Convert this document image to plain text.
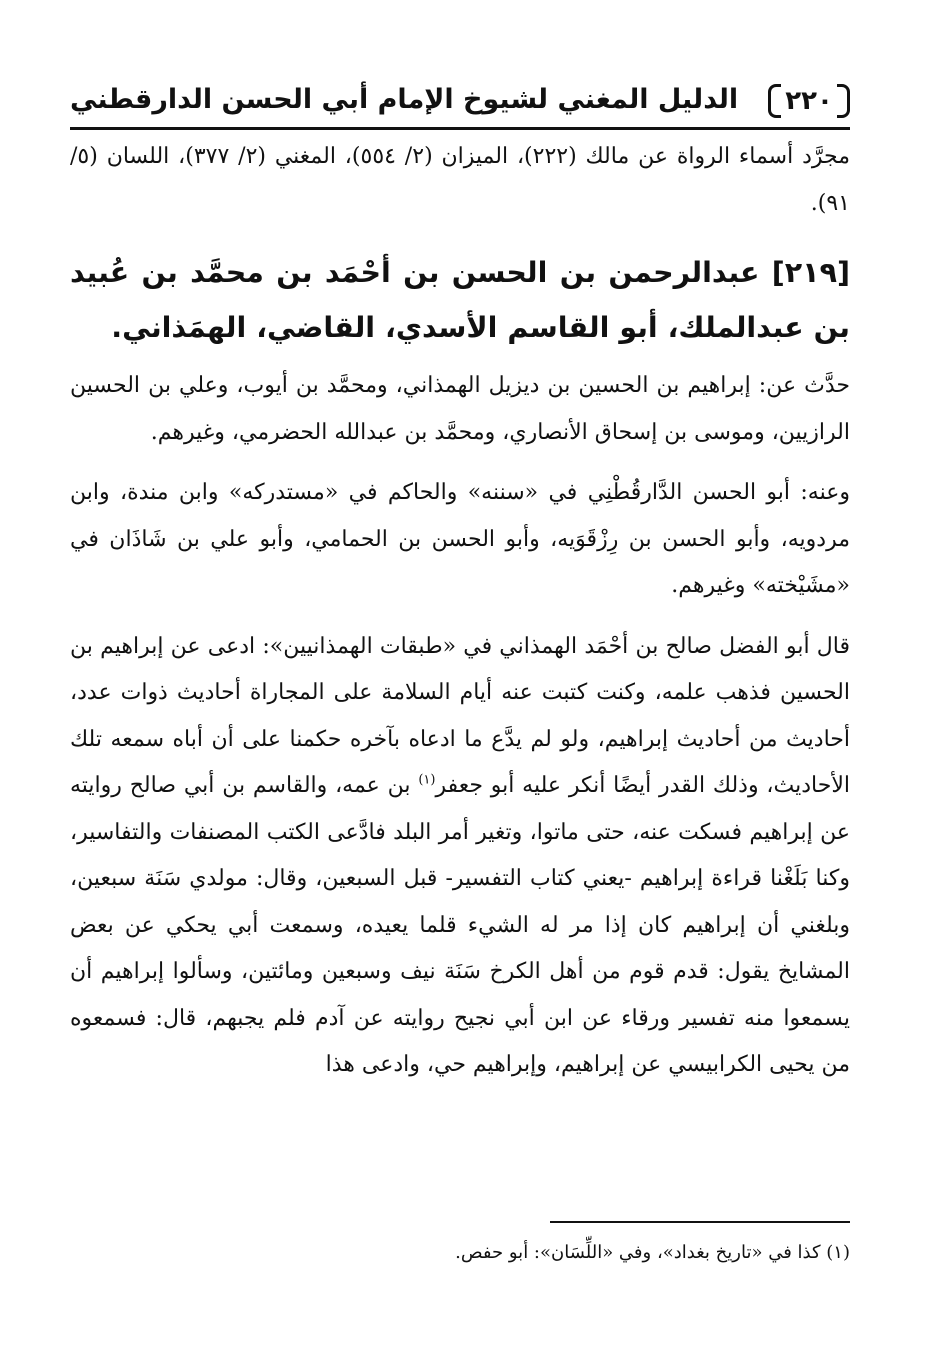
٢٢٠
الدليل المغني لشيوخ الإمام أبي الحسن الدارقطني

مجرَّد أسماء الرواة عن مالك (٢٢٢)، الميزان (٢/ ٥٥٤)، المغني (٢/ ٣٧٧)، اللسان (٥/ ٩١).

[٢١٩] عبدالرحمن بن الحسن بن أحْمَد بن محمَّد بن عُبيد بن عبدالملك، أبو القاسم الأسدي، القاضي، الهمَذاني.

حدَّث عن: إبراهيم بن الحسين بن ديزيل الهمذاني، ومحمَّد بن أيوب، وعلي بن الحسين الرازيين، وموسى بن إسحاق الأنصاري، ومحمَّد بن عبدالله الحضرمي، وغيرهم.

وعنه: أبو الحسن الدَّارقُطْنِي في «سننه» والحاكم في «مستدركه» وابن مندة، وابن مردويه، وأبو الحسن بن رِزْقَوَيه، وأبو الحسن بن الحمامي، وأبو علي بن شَاذَان في «مشَيْخته» وغيرهم.

قال أبو الفضل صالح بن أحْمَد الهمذاني في «طبقات الهمذانيين»: ادعى عن إبراهيم بن الحسين فذهب علمه، وكنت كتبت عنه أيام السلامة على المجاراة أحاديث ذوات عدد، أحاديث من أحاديث إبراهيم، ولو لم يدَّع ما ادعاه بآخره حكمنا على أن أباه سمعه تلك الأحاديث، وذلك القدر أيضًا أنكر عليه أبو جعفر$^{(١)}$ بن عمه، والقاسم بن أبي صالح روايته عن إبراهيم فسكت عنه، حتى ماتوا، وتغير أمر البلد فادَّعى الكتب المصنفات والتفاسير، وكنا بَلَغْنا قراءة إبراهيم -يعني كتاب التفسير- قبل السبعين، وقال: مولدي سَنَة سبعين، وبلغني أن إبراهيم كان إذا مر له الشيء قلما يعيده، وسمعت أبي يحكي عن بعض المشايخ يقول: قدم قوم من أهل الكرخ سَنَة نيف وسبعين ومائتين، وسألوا إبراهيم أن يسمعوا منه تفسير ورقاء عن ابن أبي نجيح روايته عن آدم فلم يجبهم، قال: فسمعوه من يحيى الكرابيسي عن إبراهيم، وإبراهيم حي، وادعى هذا

(١) كذا في «تاريخ بغداد»، وفي «اللِّسَان»: أبو حفص.
